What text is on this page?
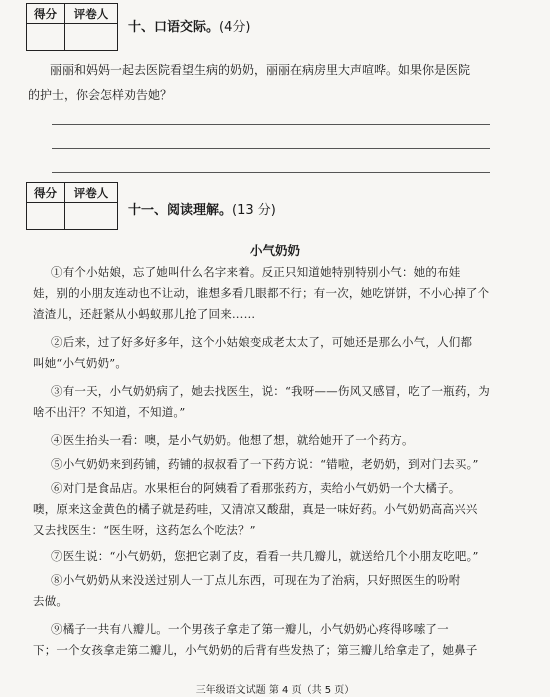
得分	评卷人
十、口语交际。(4分)
丽丽和妈妈一起去医院看望生病的奶奶，丽丽在病房里大声喧哗。如果你是医院
的护士，你会怎样劝告她？
得分	评卷人
十一、阅读理解。(13 分)
小气奶奶

①有个小姑娘，忘了她叫什么名字来着。反正只知道她特别特别小气：她的布娃

娃，别的小朋友连动也不让动，谁想多看几眼都不行；有一次，她吃饼饼，不小心掉了个

渣渣儿，还赶紧从小蚂蚁那儿抢了回来……

②后来，过了好多好多年，这个小姑娘变成老太太了，可她还是那么小气，人们都

叫她“小气奶奶”。

③有一天，小气奶奶病了，她去找医生，说：“我呀——伤风又感冒，吃了一瓶药，为

啥不出汗？不知道，不知道。”

④医生抬头一看：噢，是小气奶奶。他想了想，就给她开了一个药方。

⑤小气奶奶来到药铺，药铺的叔叔看了一下药方说：“错啦，老奶奶，到对门去买。”

⑥对门是食品店。水果柜台的阿姨看了看那张药方，卖给小气奶奶一个大橘子。

噢，原来这金黄色的橘子就是药哇，又清凉又酸甜，真是一味好药。小气奶奶高高兴兴

又去找医生：“医生呀，这药怎么个吃法？”

⑦医生说：“小气奶奶，您把它剥了皮，看看一共几瓣儿，就送给几个小朋友吃吧。”

⑧小气奶奶从来没送过别人一丁点儿东西，可现在为了治病，只好照医生的吩咐

去做。

⑨橘子一共有八瓣儿。一个男孩子拿走了第一瓣儿，小气奶奶心疼得哆嗦了一

下；一个女孩拿走第二瓣儿，小气奶奶的后背有些发热了；第三瓣儿给拿走了，她鼻子

三年级语文试题 第 4 页（共 5 页）
